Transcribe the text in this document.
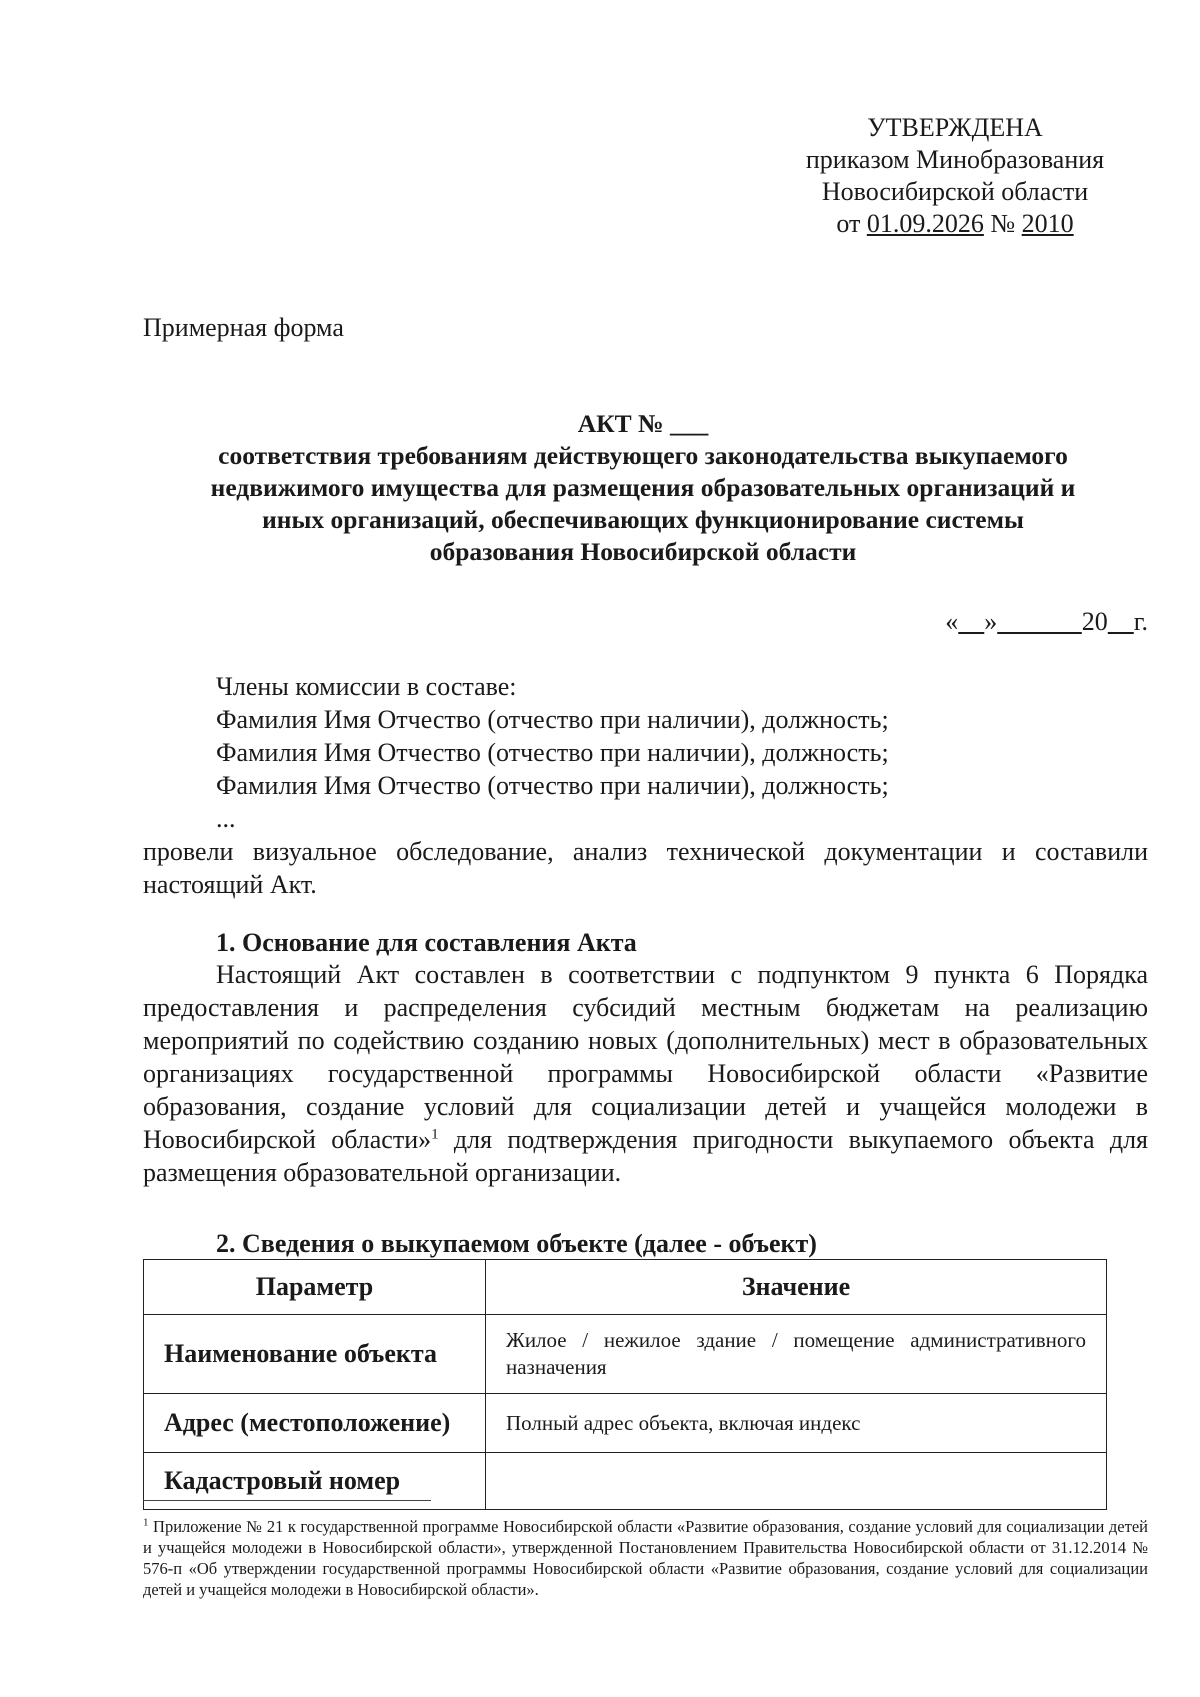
УТВЕРЖДЕНА
приказом Минобразования
Новосибирской области
от 01.09.2026 № 2010
Примерная форма
АКТ № ___
соответствия требованиям действующего законодательства выкупаемого
недвижимого имущества для размещения образовательных организаций и
иных организаций, обеспечивающих функционирование системы
образования Новосибирской области
« »	20 г.
Члены комиссии в составе:
Фамилия Имя Отчество (отчество при наличии), должность;
Фамилия Имя Отчество (отчество при наличии), должность;
Фамилия Имя Отчество (отчество при наличии), должность;
...
провели визуальное обследование, анализ технической документации и составили настоящий Акт.
1. Основание для составления Акта
Настоящий Акт составлен в соответствии с подпунктом 9 пункта 6 Порядка предоставления и распределения субсидий местным бюджетам на реализацию мероприятий по содействию созданию новых (дополнительных) мест в образовательных организациях государственной программы Новосибирской области «Развитие образования, создание условий для социализации детей и учащейся молодежи в Новосибирской области»$^1$ для подтверждения пригодности выкупаемого объекта для размещения образовательной организации.
2. Сведения о выкупаемом объекте (далее - объект)
Параметр	Значение
Наименование объекта	Жилое / нежилое здание / помещение административного назначения
Адрес (местоположение)	Полный адрес объекта, включая индекс
Кадастровый номер	
$^1$ Приложение № 21 к государственной программе Новосибирской области «Развитие образования, создание условий для социализации детей и учащейся молодежи в Новосибирской области», утвержденной Постановлением Правительства Новосибирской области от 31.12.2014 № 576-п «Об утверждении государственной программы Новосибирской области «Развитие образования, создание условий для социализации детей и учащейся молодежи в Новосибирской области».
